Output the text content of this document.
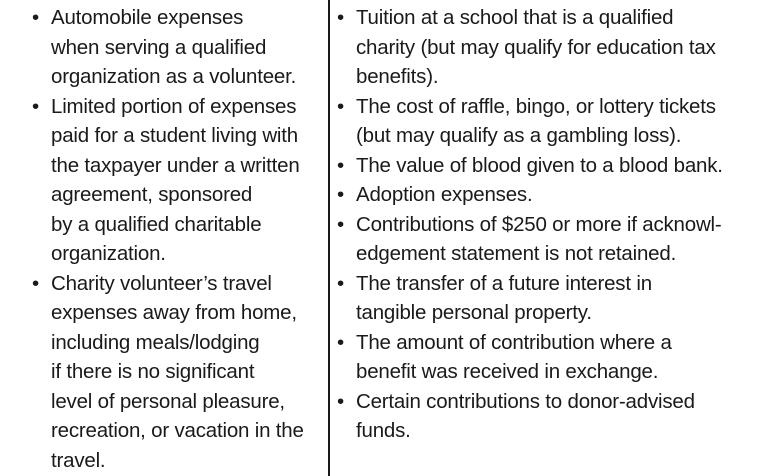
• Automobile expenses
when serving a qualified
organization as a volunteer.
• Limited portion of expenses
paid for a student living with
the taxpayer under a written
agreement, sponsored
by a qualified charitable
organization.
• Charity volunteer’s travel
expenses away from home,
including meals/lodging
if there is no significant
level of personal pleasure,
recreation, or vacation in the
travel.
• Tuition at a school that is a qualified
charity (but may qualify for education tax
benefits).
• The cost of raffle, bingo, or lottery tickets
(but may qualify as a gambling loss).
• The value of blood given to a blood bank.
• Adoption expenses.
• Contributions of $250 or more if acknowl-
edgement statement is not retained.
• The transfer of a future interest in
tangible personal property.
• The amount of contribution where a
benefit was received in exchange.
• Certain contributions to donor-advised
funds.
